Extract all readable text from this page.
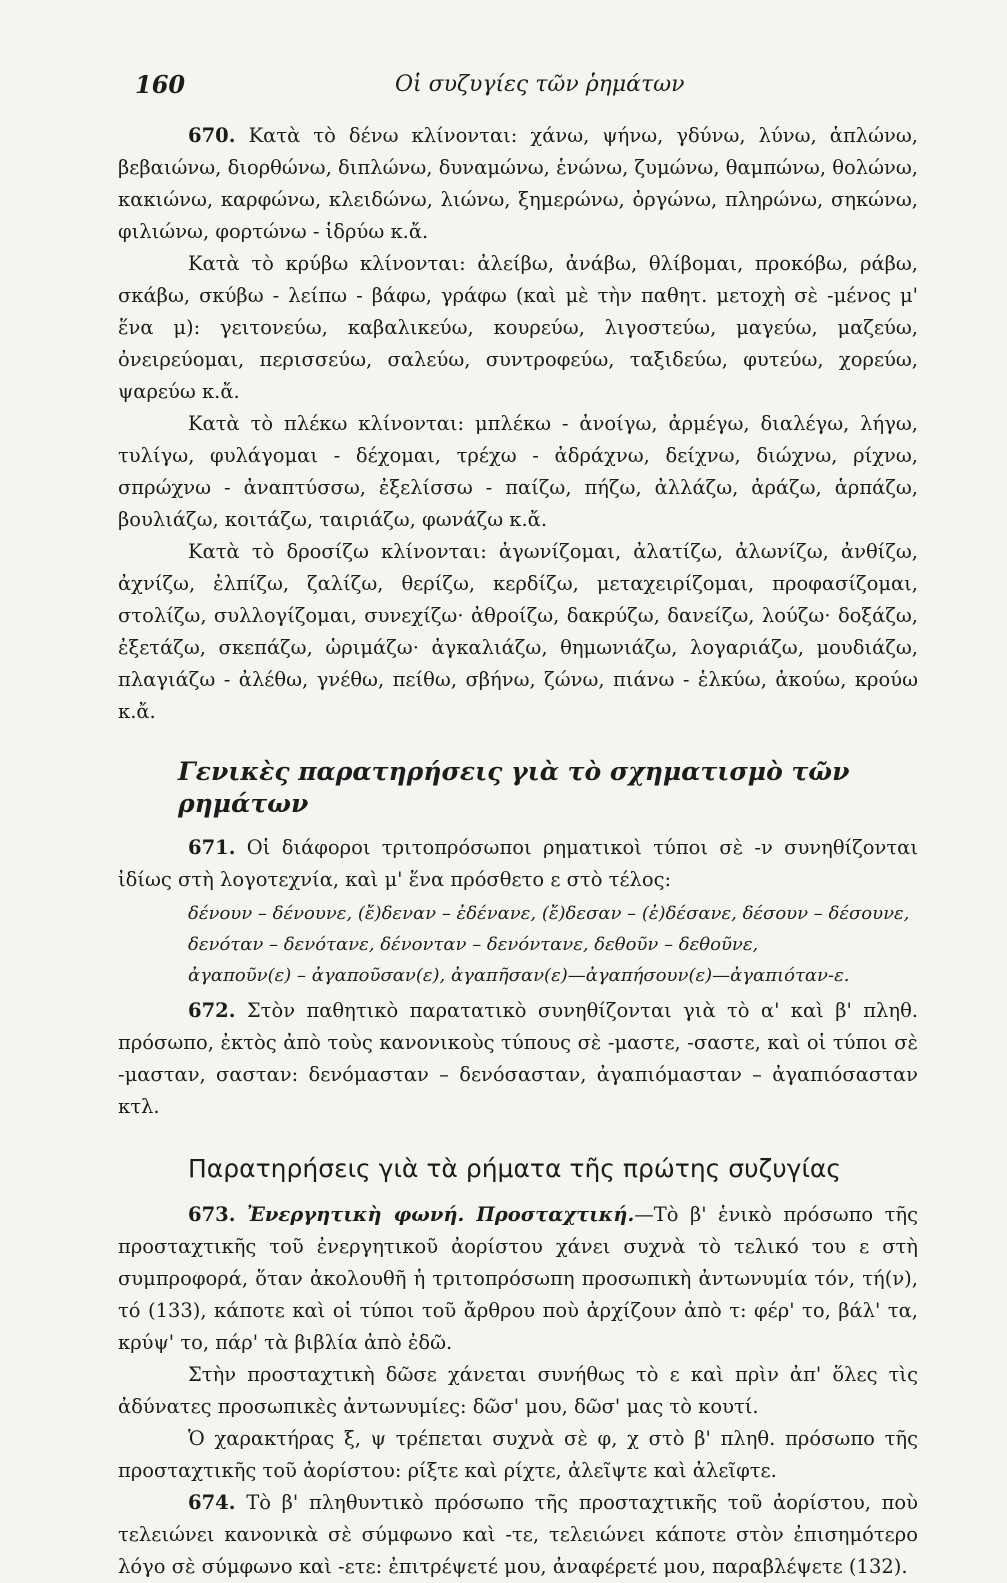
160	Οἱ συζυγίες τῶν ῥημάτων

670. Κατὰ τὸ δένω κλίνονται: χάνω, ψήνω, γδύνω, λύνω, ἁπλώνω, βεβαιώνω, διορθώνω, διπλώνω, δυναμώνω, ἑνώνω, ζυμώνω, θαμπώνω, θολώνω, κακιώνω, καρφώνω, κλειδώνω, λιώνω, ξημερώνω, ὀργώνω, πληρώνω, σηκώνω, φιλιώνω, φορτώνω - ἱδρύω κ.ἄ.

Κατὰ τὸ κρύβω κλίνονται: ἀλείβω, ἀνάβω, θλίβομαι, προκόβω, ράβω, σκάβω, σκύβω - λείπω - βάφω, γράφω (καὶ μὲ τὴν παθητ. μετοχὴ σὲ -μένος μ' ἕνα μ): γειτονεύω, καβαλικεύω, κουρεύω, λιγοστεύω, μαγεύω, μαζεύω, ὀνειρεύομαι, περισσεύω, σαλεύω, συντροφεύω, ταξιδεύω, φυτεύω, χορεύω, ψαρεύω κ.ἄ.

Κατὰ τὸ πλέκω κλίνονται: μπλέκω - ἀνοίγω, ἀρμέγω, διαλέγω, λήγω, τυλίγω, φυλάγομαι - δέχομαι, τρέχω - ἀδράχνω, δείχνω, διώχνω, ρίχνω, σπρώχνω - ἀναπτύσσω, ἐξελίσσω - παίζω, πήζω, ἀλλάζω, ἀράζω, ἁρπάζω, βουλιάζω, κοιτάζω, ταιριάζω, φωνάζω κ.ἄ.

Κατὰ τὸ δροσίζω κλίνονται: ἀγωνίζομαι, ἀλατίζω, ἀλωνίζω, ἀνθίζω, ἀχνίζω, ἐλπίζω, ζαλίζω, θερίζω, κερδίζω, μεταχειρίζομαι, προφασίζομαι, στολίζω, συλλογίζομαι, συνεχίζω· ἀθροίζω, δακρύζω, δανείζω, λούζω· δοξάζω, ἐξετάζω, σκεπάζω, ὡριμάζω· ἀγκαλιάζω, θημωνιάζω, λογαριάζω, μουδιάζω, πλαγιάζω - ἀλέθω, γνέθω, πείθω, σβήνω, ζώνω, πιάνω - ἑλκύω, ἀκούω, κρούω κ.ἄ.

Γενικὲς παρατηρήσεις γιὰ τὸ σχηματισμὸ τῶν ρημάτων

671. Οἱ διάφοροι τριτοπρόσωποι ρηματικοὶ τύποι σὲ -ν συνηθίζονται ἰδίως στὴ λογοτεχνία, καὶ μ' ἕνα πρόσθετο ε στὸ τέλος:

δένουν – δένουνε, (ἔ)δεναν – ἐδένανε, (ἔ)δεσαν – (ἐ)δέσανε, δέσουν – δέσουνε,
δενόταν – δενότανε, δένονταν – δενόντανε, δεθοῦν – δεθοῦνε,
ἀγαποῦν(ε) – ἀγαποῦσαν(ε), ἀγαπῆσαν(ε)—ἀγαπήσουν(ε)—ἀγαπιόταν-ε.

672. Στὸν παθητικὸ παρατατικὸ συνηθίζονται γιὰ τὸ α' καὶ β' πληθ. πρόσωπο, ἐκτὸς ἀπὸ τοὺς κανονικοὺς τύπους σὲ -μαστε, -σαστε, καὶ οἱ τύποι σὲ -μασταν, σασταν: δενόμασταν – δενόσασταν, ἀγαπιόμασταν – ἀγαπιόσασταν κτλ.

Παρατηρήσεις γιὰ τὰ ρήματα τῆς πρώτης συζυγίας

673. Ἐνεργητικὴ φωνή. Προσταχτική.—Τὸ β' ἑνικὸ πρόσωπο τῆς προσταχτικῆς τοῦ ἐνεργητικοῦ ἀορίστου χάνει συχνὰ τὸ τελικό του ε στὴ συμπροφορά, ὅταν ἀκολουθῆ ἡ τριτοπρόσωπη προσωπικὴ ἀντωνυμία τόν, τή(ν), τό (133), κάποτε καὶ οἱ τύποι τοῦ ἄρθρου ποὺ ἀρχίζουν ἀπὸ τ: φέρ' το, βάλ' τα, κρύψ' το, πάρ' τὰ βιβλία ἀπὸ ἐδῶ.

Στὴν προσταχτικὴ δῶσε χάνεται συνήθως τὸ ε καὶ πρὶν ἀπ' ὅλες τὶς ἀδύνατες προσωπικὲς ἀντωνυμίες: δῶσ' μου, δῶσ' μας τὸ κουτί.

Ὁ χαρακτήρας ξ, ψ τρέπεται συχνὰ σὲ φ, χ στὸ β' πληθ. πρόσωπο τῆς προσταχτικῆς τοῦ ἀορίστου: ρίξτε καὶ ρίχτε, ἀλεῖψτε καὶ ἀλεῖφτε.

674. Τὸ β' πληθυντικὸ πρόσωπο τῆς προσταχτικῆς τοῦ ἀορίστου, ποὺ τελειώνει κανονικὰ σὲ σύμφωνο καὶ -τε, τελειώνει κάποτε στὸν ἐπισημότερο λόγο σὲ σύμφωνο καὶ -ετε: ἐπιτρέψετέ μου, ἀναφέρετέ μου, παραβλέψετε (132).
